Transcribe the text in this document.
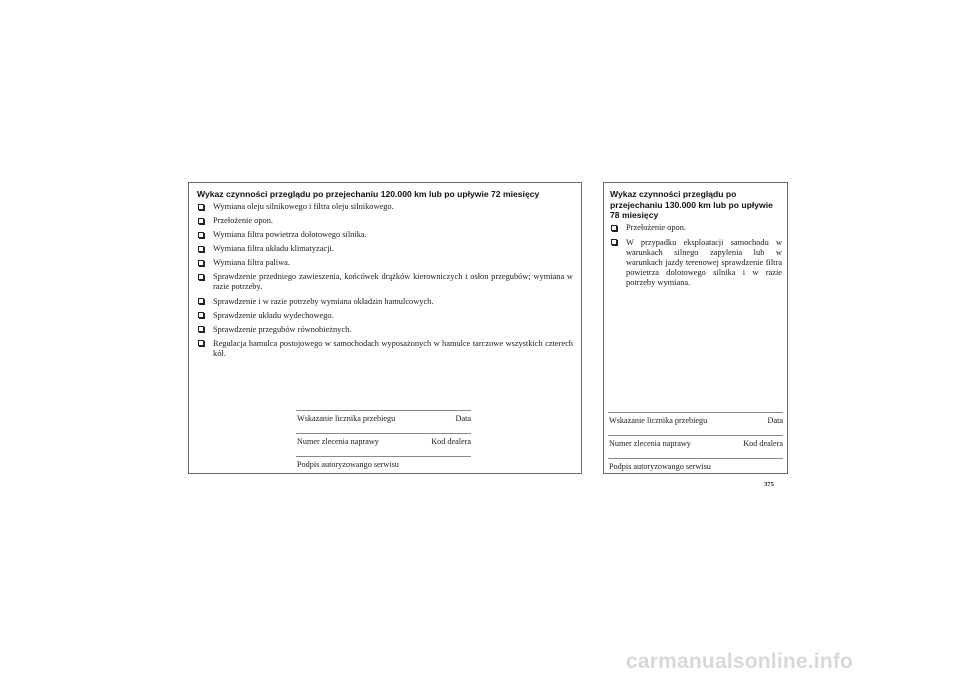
Wykaz czynności przeglądu po przejechaniu 120.000 km lub po upływie 72 miesięcy
Wymiana oleju silnikowego i filtra oleju silnikowego.
Przełożenie opon.
Wymiana filtra powietrza dolotowego silnika.
Wymiana filtra układu klimatyzacji.
Wymiana filtra paliwa.
Sprawdzenie przedniego zawieszenia, końcówek drążków kierowniczych i osłon przegubów; wymiana w razie potrzeby.
Sprawdzenie i w razie potrzeby wymiana okładzin hamulcowych.
Sprawdzenie układu wydechowego.
Sprawdzenie przegubów równobieżnych.
Regulacja hamulca postojowego w samochodach wyposażonych w hamulce tarczowe wszystkich czterech kół.
Wskazanie licznika przebiegu	Data
Numer zlecenia naprawy	Kod dealera
Podpis autoryzowango serwisu
Wykaz czynności przeglądu po przejechaniu 130.000 km lub po upływie 78 miesięcy
Przełożenie opon.
W przypadku eksploatacji samochodu w warunkach silnego zapylenia lub w warunkach jazdy terenowej sprawdzenie filtra powietrza dolotowego silnika i w razie potrzeby wymiana.
Wskazanie licznika przebiegu	Data
Numer zlecenia naprawy	Kod dealera
Podpis autoryzowango serwisu
375
carmanualsonline.info
